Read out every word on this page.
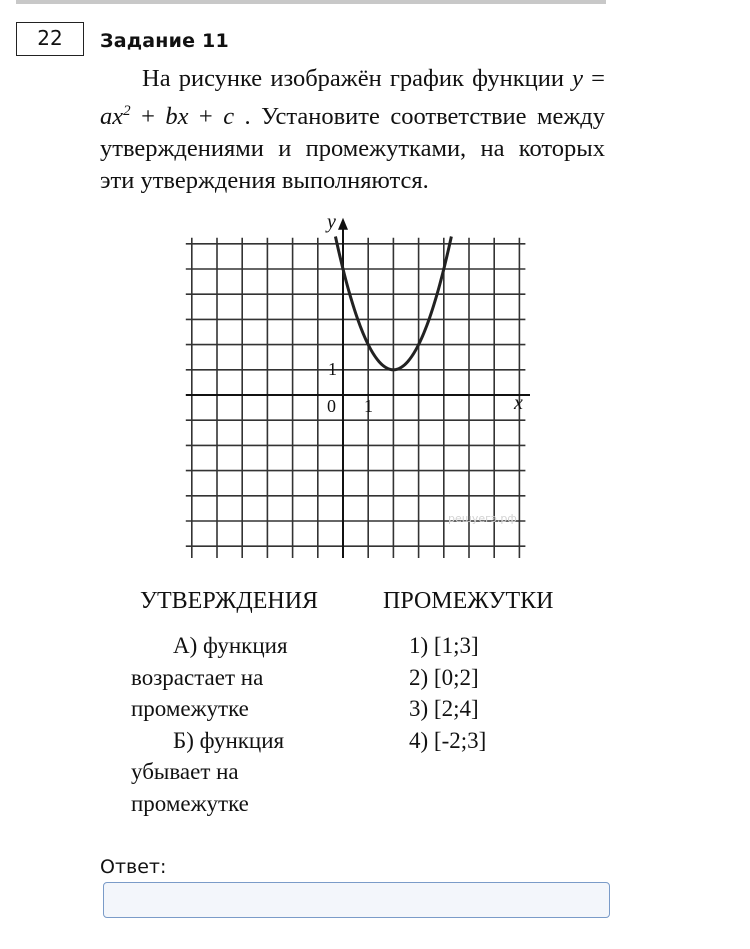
22	Задание 11
На рисунке изображён график функции $y = ax^2$ + bx + c . Установите соответствие между утверждениями и промежутками, на которых эти утверждения выполняются.
y
x
0 1
1
решуегэ.рф
УТВЕРЖДЕНИЯ	ПРОМЕЖУТКИ
А) функция возрастает на промежутке
Б) функция убывает на промежутке
1) [1;3]
2) [0;2]
3) [2;4]
4) [-2;3]
Ответ:
